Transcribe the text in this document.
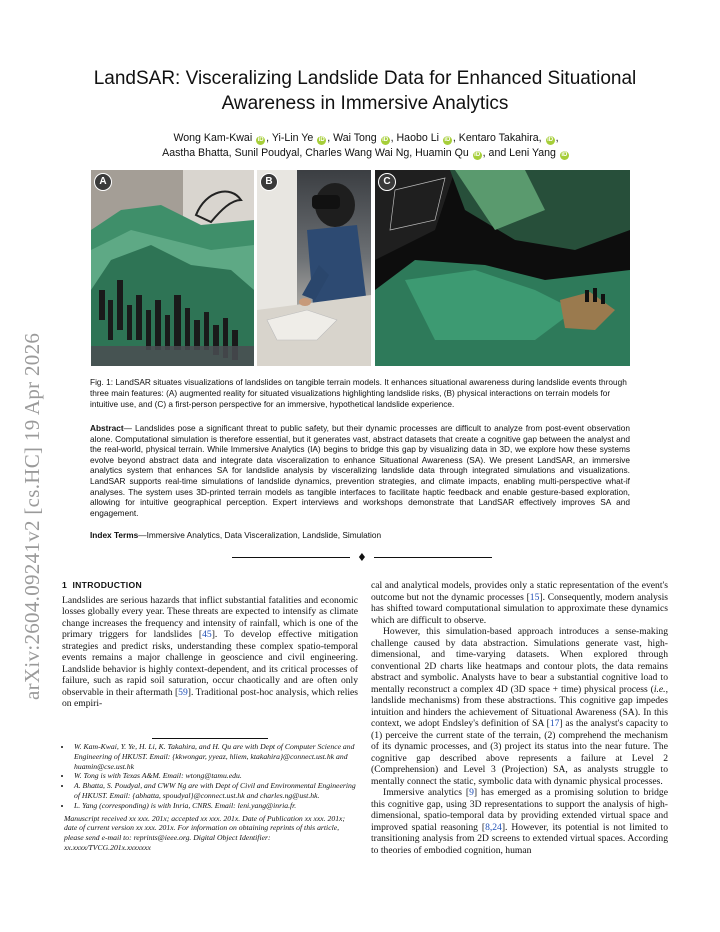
arXiv:2604.09241v2 [cs.HC] 19 Apr 2026
LandSAR: Visceralizing Landslide Data for Enhanced Situational Awareness in Immersive Analytics
Wong Kam-Kwai iD , Yi-Lin Ye iD , Wai Tong iD , Haobo Li iD , Kentaro Takahira, iD ,
Aastha Bhatta, Sunil Poudyal, Charles Wang Wai Ng, Huamin Qu iD , and Leni Yang iD
A	B	C
Fig. 1: LandSAR situates visualizations of landslides on tangible terrain models. It enhances situational awareness during landslide events through three main features: (A) augmented reality for situated visualizations highlighting landslide risks, (B) physical interactions on terrain models for intuitive use, and (C) a first-person perspective for an immersive, hypothetical landslide experience.
Abstract— Landslides pose a significant threat to public safety, but their dynamic processes are difficult to analyze from post-event observation alone. Computational simulation is therefore essential, but it generates vast, abstract datasets that create a cognitive gap between the analyst and the real-world, physical terrain. While Immersive Analytics (IA) begins to bridge this gap by visualizing data in 3D, we explore how these systems evolve beyond abstract data and integrate data visceralization to enhance Situational Awareness (SA). We present LandSAR, an immersive analytics system that enhances SA for landslide analysis by visceralizing landslide data through integrated simulations and visualizations. LandSAR supports real-time simulations of landslide dynamics, prevention strategies, and climate impacts, enabling multi-perspective what-if analyses. The system uses 3D-printed terrain models as tangible interfaces to facilitate haptic feedback and enable gesture-based exploration, allowing for intuitive geographical perception. Expert interviews and workshops demonstrate that LandSAR effectively improves SA and engagement.
Index Terms—Immersive Analytics, Data Visceralization, Landslide, Simulation
♦
1 INTRODUCTION

Landslides are serious hazards that inflict substantial fatalities and economic losses globally every year. These threats are expected to intensify as climate change increases the frequency and intensity of rainfall, which is one of the primary triggers for landslides [45]. To develop effective mitigation strategies and predict risks, understanding these complex spatio-temporal events remains a major challenge in geoscience and civil engineering. Landslide behavior is highly context-dependent, and its critical processes of failure, such as rapid soil saturation, occur chaotically and are often only observable in their aftermath [59]. Traditional post-hoc analysis, which relies on empiri-

• W. Kam-Kwai, Y. Ye, H. Li, K. Takahira, and H. Qu are with Dept of Computer Science and Engineering of HKUST. Email: {kkwongar, yyeaz, hliem, ktakahira}@connect.ust.hk and huamin@cse.ust.hk
• W. Tong is with Texas A&M. Email: wtong@tamu.edu.
• A. Bhatta, S. Poudyal, and CWW Ng are with Dept of Civil and Environmental Engineering of HKUST. Email: {abhatta, spoudyal}@connect.ust.hk and charles.ng@ust.hk.
• L. Yang (corresponding) is with Inria, CNRS. Email: leni.yang@inria.fr.
Manuscript received xx xxx. 201x; accepted xx xxx. 201x. Date of Publication xx xxx. 201x; date of current version xx xxx. 201x. For information on obtaining reprints of this article, please send e-mail to: reprints@ieee.org. Digital Object Identifier: xx.xxxx/TVCG.201x.xxxxxxx

cal and analytical models, provides only a static representation of the event's outcome but not the dynamic processes [15]. Consequently, modern analysis has shifted toward computational simulation to approximate these dynamics which are difficult to observe.

However, this simulation-based approach introduces a sense-making challenge caused by data abstraction. Simulations generate vast, high-dimensional, and time-varying datasets. When explored through conventional 2D charts like heatmaps and contour plots, the data remains abstract and symbolic. Analysts have to bear a substantial cognitive load to mentally reconstruct a complex 4D (3D space + time) physical process (i.e., landslide mechanisms) from these abstractions. This cognitive gap impedes intuition and hinders the achievement of Situational Awareness (SA). In this context, we adopt Endsley's definition of SA [17] as the analyst's capacity to (1) perceive the current state of the terrain, (2) comprehend the mechanism of its dynamic processes, and (3) project its status into the near future. The cognitive gap described above represents a failure at Level 2 (Comprehension) and Level 3 (Projection) SA, as analysts struggle to mentally connect the static, symbolic data with dynamic physical processes.

Immersive analytics [9] has emerged as a promising solution to bridge this cognitive gap, using 3D representations to support the analysis of high-dimensional, spatio-temporal data by providing extended virtual space and improved spatial reasoning [8,24]. However, its potential is not limited to transitioning analysis from 2D screens to extended virtual spaces. According to theories of embodied cognition, human
